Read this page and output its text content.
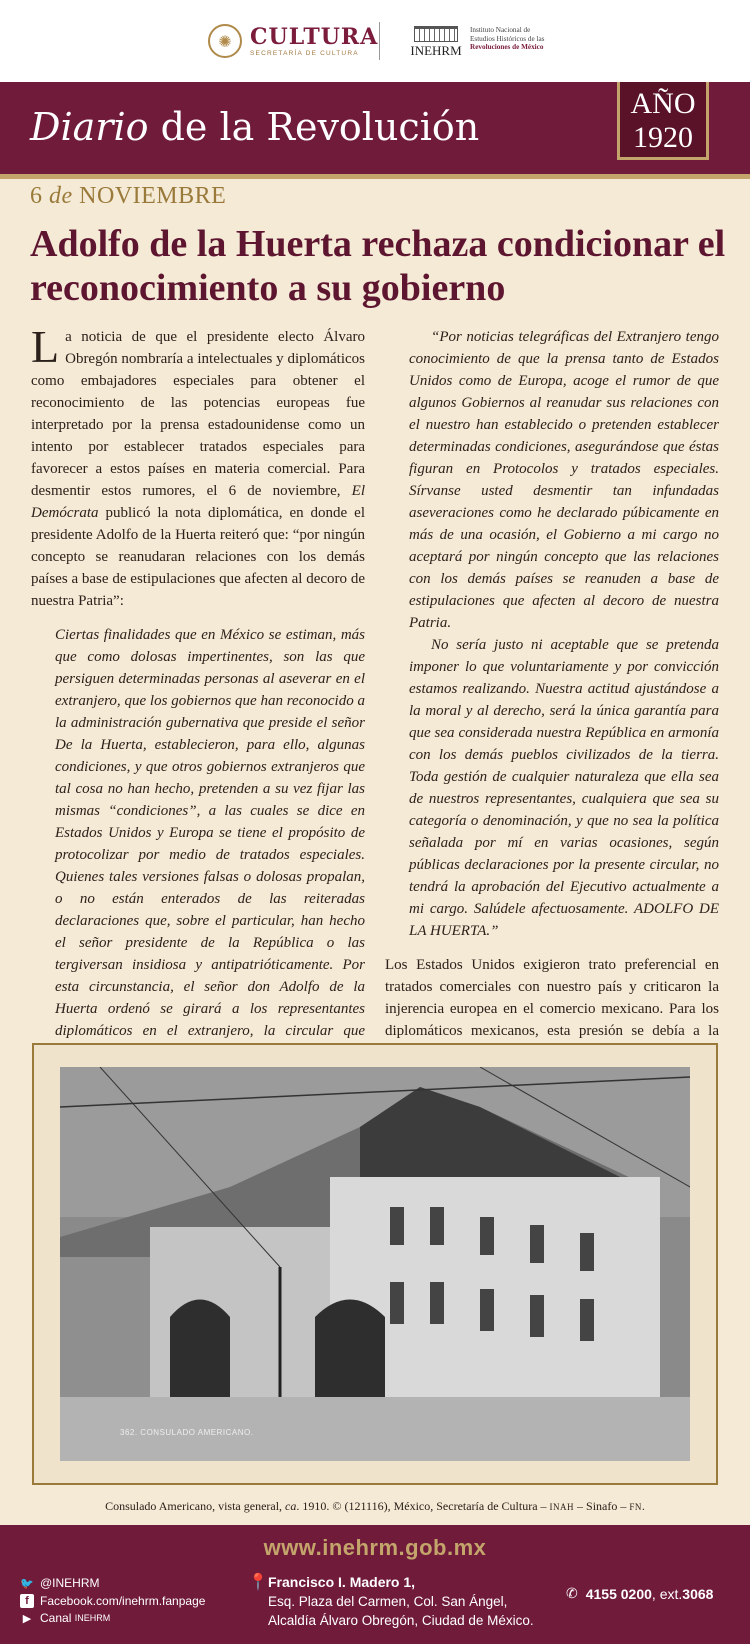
✺ CULTURA
SECRETARÍA DE CULTURA	INEHRM
Instituto Nacional de
Estudios Históricos de las
Revoluciones de México
Diario de la Revolución
AÑO
1920
6 de NOVIEMBRE
Adolfo de la Huerta rechaza condicionar el reconocimiento a su gobierno

La noticia de que el presidente electo Álvaro Obregón nombraría a intelectuales y diplomáticos como embajadores especiales para obtener el reconocimiento de las potencias europeas fue interpretado por la prensa estadounidense como un intento por establecer tratados especiales para favorecer a estos países en materia comercial. Para desmentir estos rumores, el 6 de noviembre, El Demócrata publicó la nota diplomática, en donde el presidente Adolfo de la Huerta reiteró que: “por ningún concepto se reanudaran relaciones con los demás países a base de estipulaciones que afecten al decoro de nuestra Patria”:

Ciertas finalidades que en México se estiman, más que como dolosas impertinentes, son las que persiguen determinadas personas al aseverar en el extranjero, que los gobiernos que han reconocido a la administración gubernativa que preside el señor De la Huerta, establecieron, para ello, algunas condiciones, y que otros gobiernos extranjeros que tal cosa no han hecho, pretenden a su vez fijar las mismas “condiciones”, a las cuales se dice en Estados Unidos y Europa se tiene el propósito de protocolizar por medio de tratados especiales. Quienes tales versiones falsas o dolosas propalan, o no están enterados de las reiteradas declaraciones que, sobre el particular, han hecho el señor presidente de la República o las tergiversan insidiosa y antipatrióticamente. Por esta circunstancia, el señor don Adolfo de la Huerta ordenó se girará a los representantes diplomáticos en el extranjero, la circular que

“Por noticias telegráficas del Extranjero tengo conocimiento de que la prensa tanto de Estados Unidos como de Europa, acoge el rumor de que algunos Gobiernos al reanudar sus relaciones con el nuestro han establecido o pretenden establecer determinadas condiciones, asegurándose que éstas figuran en Protocolos y tratados especiales. Sírvanse usted desmentir tan infundadas aseveraciones como he declarado púbicamente en más de una ocasión, el Gobierno a mi cargo no aceptará por ningún concepto que las relaciones con los demás países se reanuden a base de estipulaciones que afecten al decoro de nuestra Patria.

No sería justo ni aceptable que se pretenda imponer lo que voluntariamente y por convicción estamos realizando. Nuestra actitud ajustándose a la moral y al derecho, será la única garantía para que sea considerada nuestra República en armonía con los demás pueblos civilizados de la tierra. Toda gestión de cualquier naturaleza que ella sea de nuestros representantes, cualquiera que sea su categoría o denominación, y que no sea la política señalada por mí en varias ocasiones, según públicas declaraciones por la presente circular, no tendrá la aprobación del Ejecutivo actualmente a mi cargo. Salúdele afectuosamente. ADOLFO DE LA HUERTA.”

Los Estados Unidos exigieron trato preferencial en tratados comerciales con nuestro país y criticaron la injerencia europea en el comercio mexicano. Para los diplomáticos mexicanos, esta presión se debía a la

362. CONSULADO AMERICANO.
Consulado Americano, vista general, ca. 1910. © (121116), México, Secretaría de Cultura – INAH – Sinafo – FN.
www.inehrm.gob.mx
🐦 @INEHRM
f Facebook.com/inehrm.fanpage
▶ Canal
INEHRM
📍 Francisco I. Madero 1,
Esq. Plaza del Carmen, Col. San Ángel,
Alcaldía Álvaro Obregón, Ciudad de México.
✆ 4155 0200 , ext. 3068
